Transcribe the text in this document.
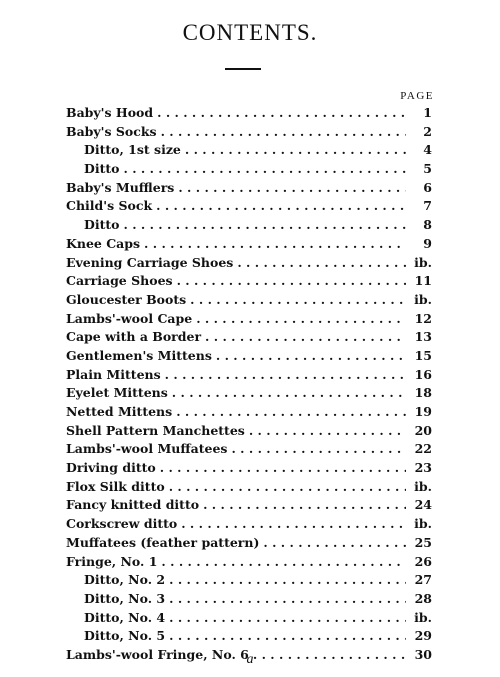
CONTENTS.
PAGE
Baby's Hood . . .	1
Baby's Socks . . .	2
Ditto, 1st size . . .	4
Ditto . . .	5
Baby's Mufflers . . .	6
Child's Sock . . .	7
Ditto . . .	8
Knee Caps . . .	9
Evening Carriage Shoes . . .	ib.
Carriage Shoes . . .	11
Gloucester Boots . . .	ib.
Lambs'-wool Cape . . .	12
Cape with a Border . . .	13
Gentlemen's Mittens . . .	15
Plain Mittens . . .	16
Eyelet Mittens . . .	18
Netted Mittens . . .	19
Shell Pattern Manchettes . . .	20
Lambs'-wool Muffatees . . .	22
Driving ditto . . .	23
Flox Silk ditto . . .	ib.
Fancy knitted ditto . . .	24
Corkscrew ditto . . .	ib.
Muffatees (feather pattern) . . .	25
Fringe, No. 1 . . .	26
Ditto, No. 2 . . .	27
Ditto, No. 3 . . .	28
Ditto, No. 4 . . .	ib.
Ditto, No. 5 . . .	29
Lambs'-wool Fringe, No. 6 . . .	30
a
